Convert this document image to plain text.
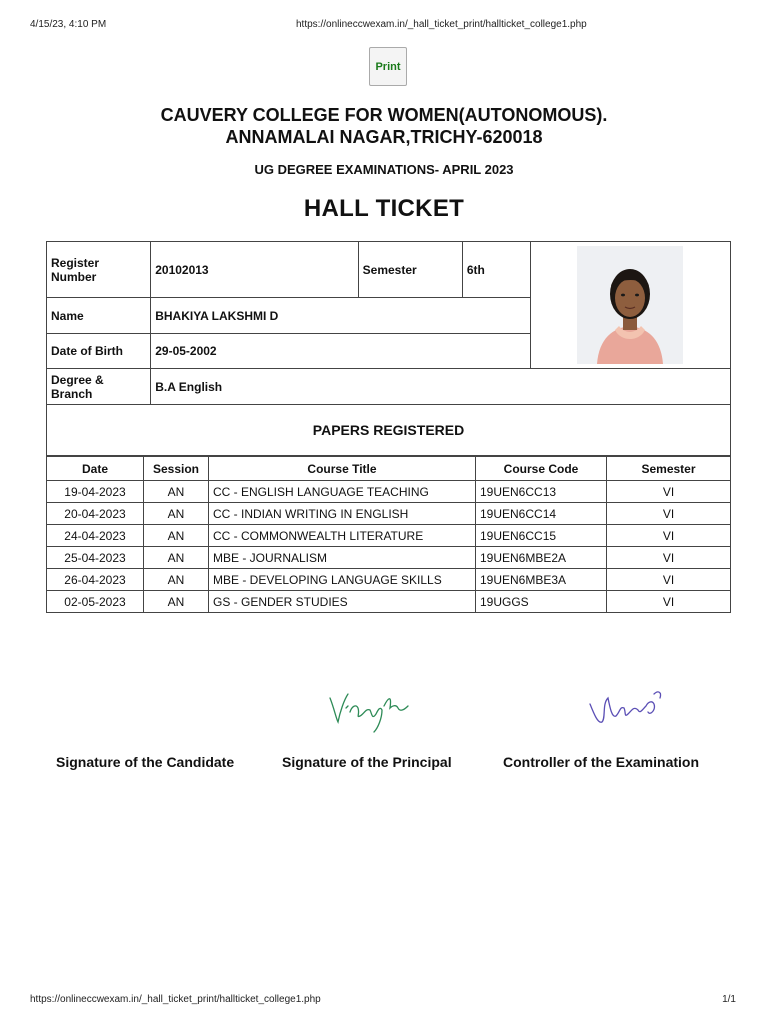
4/15/23, 4:10 PM	https://onlineccwexam.in/_hall_ticket_print/hallticket_college1.php
Print
CAUVERY COLLEGE FOR WOMEN(AUTONOMOUS).
ANNAMALAI NAGAR,TRICHY-620018
UG DEGREE EXAMINATIONS- APRIL 2023
HALL TICKET
Register Number	20102013	Semester	6th	

Name	BHAKIYA LAKSHMI D			
Date of Birth	29-05-2002			
Degree & Branch	B.A English			
PAPERS REGISTERED				
Date	Session	Course Title	Course Code	Semester
19-04-2023	AN	CC - ENGLISH LANGUAGE TEACHING	19UEN6CC13	VI
20-04-2023	AN	CC - INDIAN WRITING IN ENGLISH	19UEN6CC14	VI
24-04-2023	AN	CC - COMMONWEALTH LITERATURE	19UEN6CC15	VI
25-04-2023	AN	MBE - JOURNALISM	19UEN6MBE2A	VI
26-04-2023	AN	MBE - DEVELOPING LANGUAGE SKILLS	19UEN6MBE3A	VI
02-05-2023	AN	GS - GENDER STUDIES	19UGGS	VI
Signature of the Candidate	Signature of the Principal	Controller of the Examination
https://onlineccwexam.in/_hall_ticket_print/hallticket_college1.php	1/1
